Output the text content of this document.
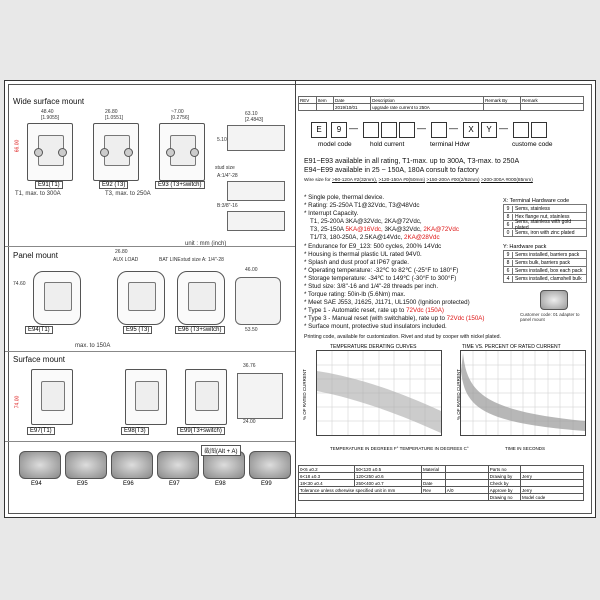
Wide surface mount
48.40
[1.9055]
66.00
E91(T1)
26.80
[1.0551]
E92 (T3)
~7.00
[0.2756]
E93 (T3+switch)
63.10
[2.4843]
5.10
stud size
A:1/4"-28
B:3/8"-16
T1, max. to 300A	T3, max. to 250A
unit : mm (inch)
Panel mount	26.80
AUX LOAD	BAT LINE stud size A: 1/4"-28
74.60
E94(T1)	E95 (T3)	E96 (T3+switch)
46.00
53.50
max. to 150A
Surface mount
74.00
E97(T1)	E98(T3)	E99(T3+switch)
36.76
24.00
E94	E95	E96	E97	E98	E99
截图(Alt + A)
REV	Item	Date	Description	Remark By	Remark
		2019/10/01	upgrade rate current to 250A		
E	9 —	—	—	X	Y —
model code	hold current	terminal Hdwr	custome code
E91~E93 available in all rating, T1-max. up to 300A, T3-max. to 250A
E94~E99 available in 25 ~ 150A, 180A consult to factory
Wire size for >90-120A #2(32mm), >120-150A #0(50mm) >150-200A #00(2/92mm) >200-300A #000(85mm)
* Single pole, thermal device.
* Rating: 25-250A T1@32Vdc, T3@48Vdc
* Interrupt Capacity.
T1, 25-200A 3KA@32Vdc, 2KA@72Vdc,
T3, 25-150A 5KA@16Vdc, 3KA@32Vdc, 2KA@72Vdc
T1/T3, 180-250A, 2.5KA@14Vdc, 2KA@28Vdc
* Endurance for E9_123: 500 cycles, 200% 14Vdc
* Housing is thermal plastic UL rated 94V0.
* Splash and dust proof at IP67 grade.
* Operating temperature: -32℃ to 82℃ (-25°F to 180°F)
* Storage temperature: -34℃ to 149℃ (-30°F to 300°F)
* Stud size: 3/8"-16 and 1/4"-28 threads per inch.
* Torque rating: 50in-lb (5.6Nm) max.
* Meet SAE J553, J1625, J1171, UL1500 (Ignition protected)
* Type 1 - Automatic reset, rate up to 72Vdc (150A)
* Type 3 - Manual reset (with switchable), rate up to 72Vdc (150A)
* Surface mount, protective stud insulators included.
Printing code, available for customization. Rivet and stud by cooper with nickel plated.
X: Terminal Hardware code
9	Sems, stainless
8	Hex flange nut, stainless
6	Sems, stainless with gold plated
0	Sems, iron with zinc plated
Y: Hardware pack
9	Sems installed, barriers pack
8	Sems bulk, barriers pack
6	Sems installed, box each pack
4	Sems installed, clamshell bulk
Customer code: 01 adapter to panel mount
TEMPERATURE DERATING CURVES
% OF RATED CURRENT
TEMPERATURE IN DEGREES F° TEMPERATURE IN DEGREES C°
TIME VS. PERCENT OF RATED CURRENT
% OF RATED CURRENT
TIME IN SECONDS
0<6 ±0.2	50<120 ±0.5	Material		Parts no	
6<18 ±0.3	120<250 ±0.6			Drawing by	Jerry
18<30 ±0.4	250<400 ±0.7	Date		Check by	
Tolerance unless otherwise specified unit in mm		Rev	A/0	Approve by	Jerry
				Drawing no	Model code
